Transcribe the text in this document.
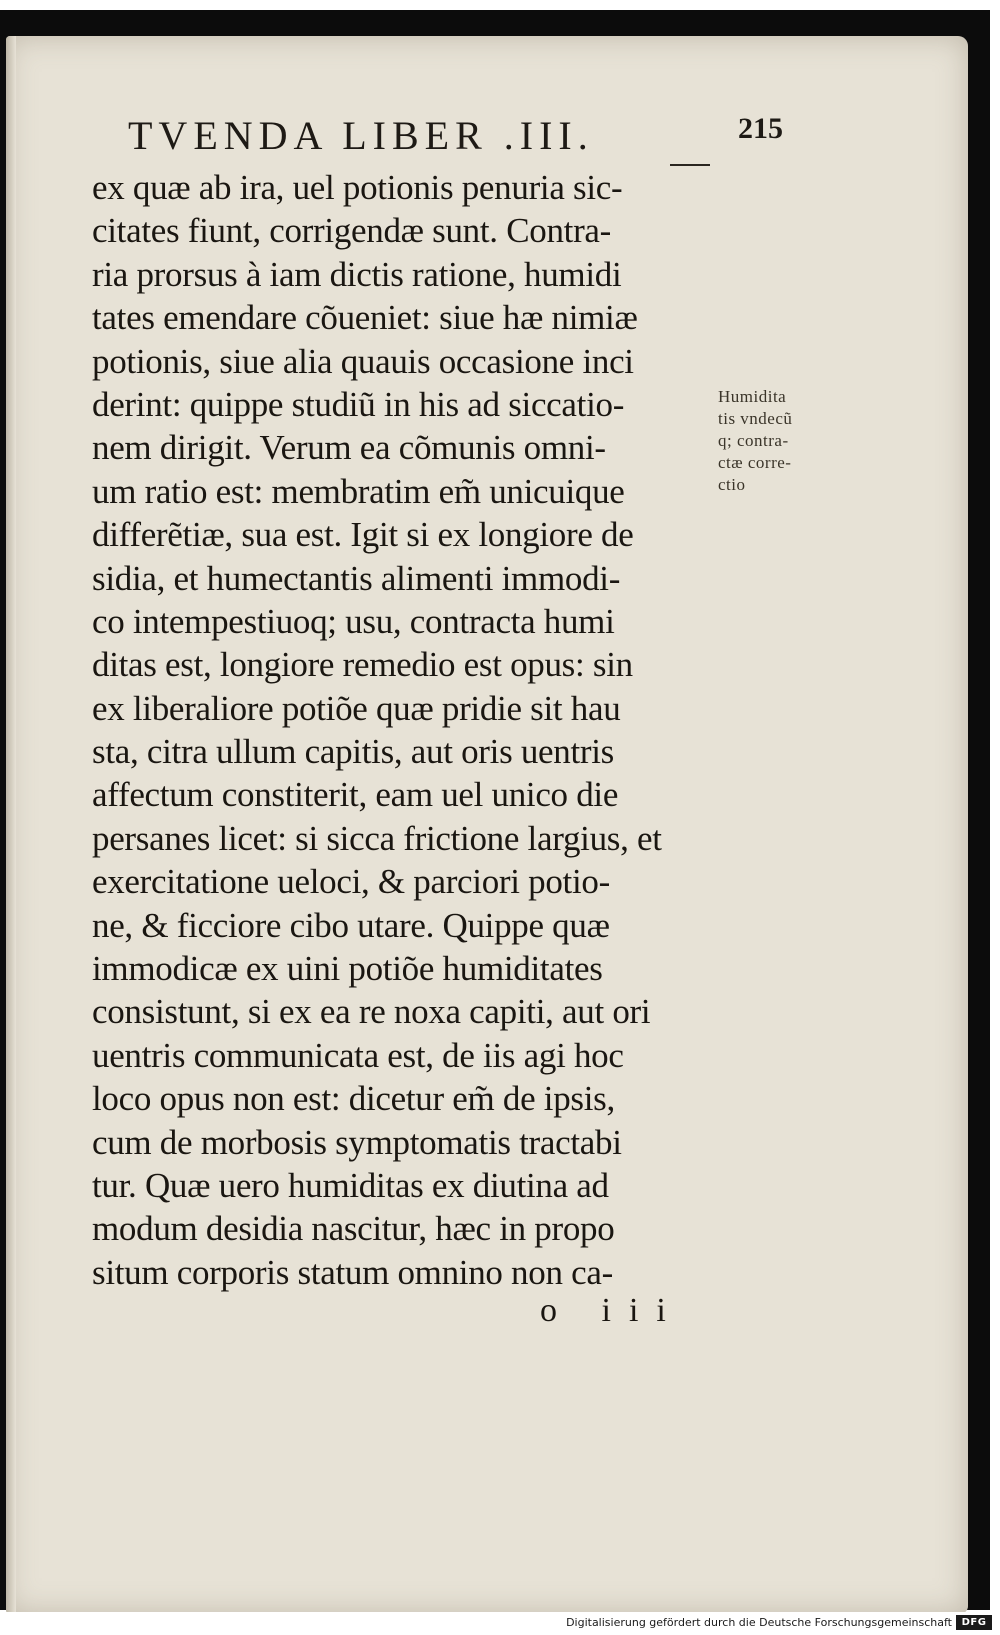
TVENDA LIBER .III.	215
ex quæ ab ira, uel potionis penuria sic-
citates fiunt, corrigendæ sunt. Contra-
ria prorsus à iam dictis ratione, humidi
tates emendare cõueniet: siue hæ nimiæ
potionis, siue alia quauis occasione inci
derint: quippe studiũ in his ad siccatio-
nem dirigit. Verum ea cõmunis omni-
um ratio est: membratim em̃ unicuique
differẽtiæ, sua est. Igit si ex longiore de
sidia, et humectantis alimenti immodi-
co intempestiuoq; usu, contracta humi
ditas est, longiore remedio est opus: sin
ex liberaliore potiõe quæ pridie sit hau
sta, citra ullum capitis, aut oris uentris
affectum constiterit, eam uel unico die
persanes licet: si sicca frictione largius, et
exercitatione ueloci, & parciori potio-
ne, & ficciore cibo utare. Quippe quæ
immodicæ ex uini potiõe humiditates
consistunt, si ex ea re noxa capiti, aut ori
uentris communicata est, de iis agi hoc
loco opus non est: dicetur em̃ de ipsis,
cum de morbosis symptomatis tractabi
tur. Quæ uero humiditas ex diutina ad
modum desidia nascitur, hæc in propo
situm corporis statum omnino non ca-
Humidita
tis vndecũ
q; contra-
ctæ corre-
ctio
o iii
Digitalisierung gefördert durch die Deutsche Forschungsgemeinschaft DFG
